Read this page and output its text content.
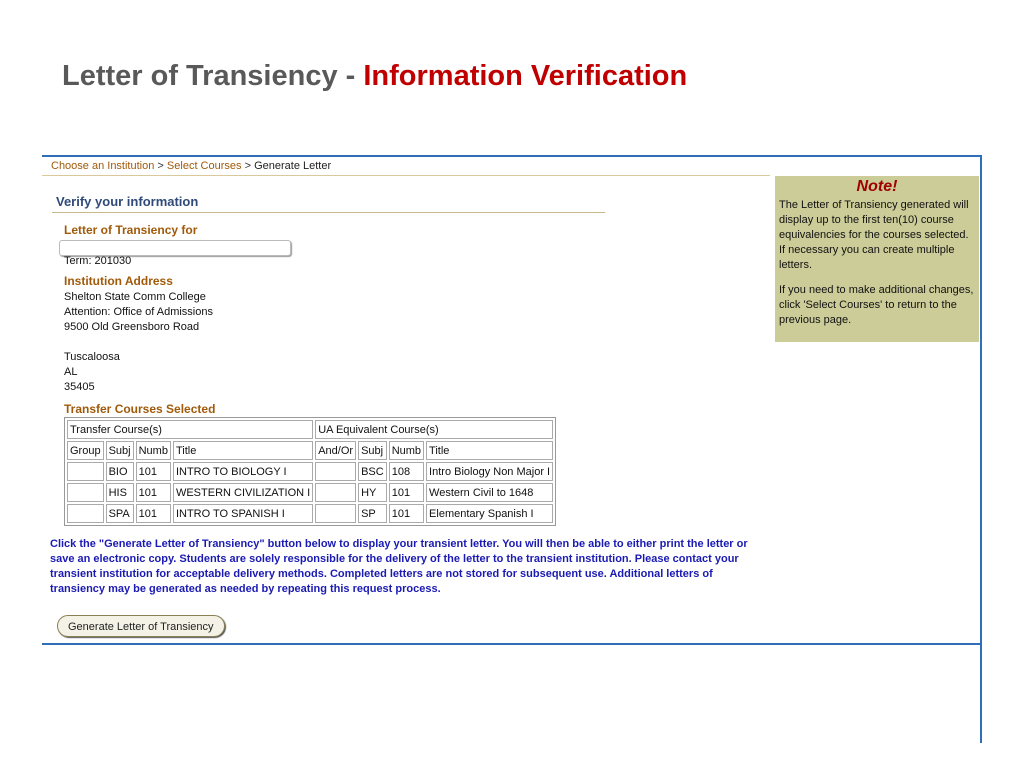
Letter of Transiency - Information Verification
Choose an Institution > Select Courses > Generate Letter
Verify your information
Letter of Transiency for
Term: 201030
Institution Address
Shelton State Comm College
Attention: Office of Admissions
9500 Old Greensboro Road
Tuscaloosa
AL
35405
Transfer Courses Selected
Transfer Course(s)				UA Equivalent Course(s)			
Group	Subj	Numb	Title	And/Or	Subj	Numb	Title
	BIO	101	INTRO TO BIOLOGY I		BSC	108	Intro Biology Non Major I
	HIS	101	WESTERN CIVILIZATION I		HY	101	Western Civil to 1648
	SPA	101	INTRO TO SPANISH I		SP	101	Elementary Spanish I

Click the "Generate Letter of Transiency" button below to display your transient letter. You will then be able to either print the letter or save an electronic copy. Students are solely responsible for the delivery of the letter to the transient institution. Please contact your transient institution for acceptable delivery methods. Completed letters are not stored for subsequent use. Additional letters of transiency may be generated as needed by repeating this request process.

Generate Letter of Transiency
Note!
The Letter of Transiency generated will display up to the first ten(10) course equivalencies for the courses selected. If necessary you can create multiple letters.
If you need to make additional changes, click 'Select Courses' to return to the previous page.
